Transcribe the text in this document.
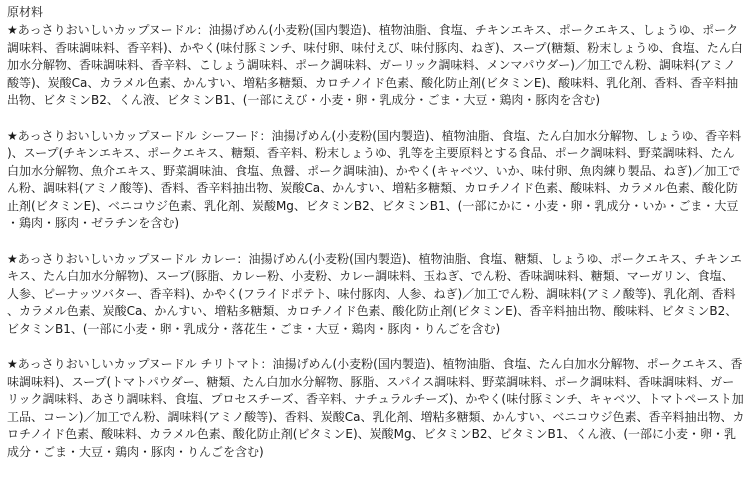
原材料
★あっさりおいしいカップヌードル：油揚げめん(小麦粉(国内製造)、植物油脂、食塩、チキンエキス、ポークエキス、しょうゆ、ポーク調味料、香味調味料、香辛料)、かやく(味付豚ミンチ、味付卵、味付えび、味付豚肉、ねぎ)、スープ(糖類、粉末しょうゆ、食塩、たん白加水分解物、香味調味料、香辛料、こしょう調味料、ポーク調味料、ガーリック調味料、メンマパウダー)／加工でん粉、調味料(アミノ酸等)、炭酸Ca、カラメル色素、かんすい、増粘多糖類、カロチノイド色素、酸化防止剤(ビタミンE)、酸味料、乳化剤、香料、香辛料抽出物、ビタミンB2、くん液、ビタミンB1、(一部にえび・小麦・卵・乳成分・ごま・大豆・鶏肉・豚肉を含む)
★あっさりおいしいカップヌードル シーフード：油揚げめん(小麦粉(国内製造)、植物油脂、食塩、たん白加水分解物、しょうゆ、香辛料)、スープ(チキンエキス、ポークエキス、糖類、香辛料、粉末しょうゆ、乳等を主要原料とする食品、ポーク調味料、野菜調味料、たん白加水分解物、魚介エキス、野菜調味油、食塩、魚醤、ポーク調味油)、かやく(キャベツ、いか、味付卵、魚肉練り製品、ねぎ)／加工でん粉、調味料(アミノ酸等)、香料、香辛料抽出物、炭酸Ca、かんすい、増粘多糖類、カロチノイド色素、酸味料、カラメル色素、酸化防止剤(ビタミンE)、ベニコウジ色素、乳化剤、炭酸Mg、ビタミンB2、ビタミンB1、(一部にかに・小麦・卵・乳成分・いか・ごま・大豆・鶏肉・豚肉・ゼラチンを含む)
★あっさりおいしいカップヌードル カレー：油揚げめん(小麦粉(国内製造)、植物油脂、食塩、糖類、しょうゆ、ポークエキス、チキンエキス、たん白加水分解物)、スープ(豚脂、カレー粉、小麦粉、カレー調味料、玉ねぎ、でん粉、香味調味料、糖類、マーガリン、食塩、人参、ピーナッツバター、香辛料)、かやく(フライドポテト、味付豚肉、人参、ねぎ)／加工でん粉、調味料(アミノ酸等)、乳化剤、香料、カラメル色素、炭酸Ca、かんすい、増粘多糖類、カロチノイド色素、酸化防止剤(ビタミンE)、香辛料抽出物、酸味料、ビタミンB2、ビタミンB1、(一部に小麦・卵・乳成分・落花生・ごま・大豆・鶏肉・豚肉・りんごを含む)
★あっさりおいしいカップヌードル チリトマト：油揚げめん(小麦粉(国内製造)、植物油脂、食塩、たん白加水分解物、ポークエキス、香味調味料)、スープ(トマトパウダー、糖類、たん白加水分解物、豚脂、スパイス調味料、野菜調味料、ポーク調味料、香味調味料、ガーリック調味料、あさり調味料、食塩、プロセスチーズ、香辛料、ナチュラルチーズ)、かやく(味付豚ミンチ、キャベツ、トマトペースト加工品、コーン)／加工でん粉、調味料(アミノ酸等)、香料、炭酸Ca、乳化剤、増粘多糖類、かんすい、ベニコウジ色素、香辛料抽出物、カロチノイド色素、酸味料、カラメル色素、酸化防止剤(ビタミンE)、炭酸Mg、ビタミンB2、ビタミンB1、くん液、(一部に小麦・卵・乳成分・ごま・大豆・鶏肉・豚肉・りんごを含む)
